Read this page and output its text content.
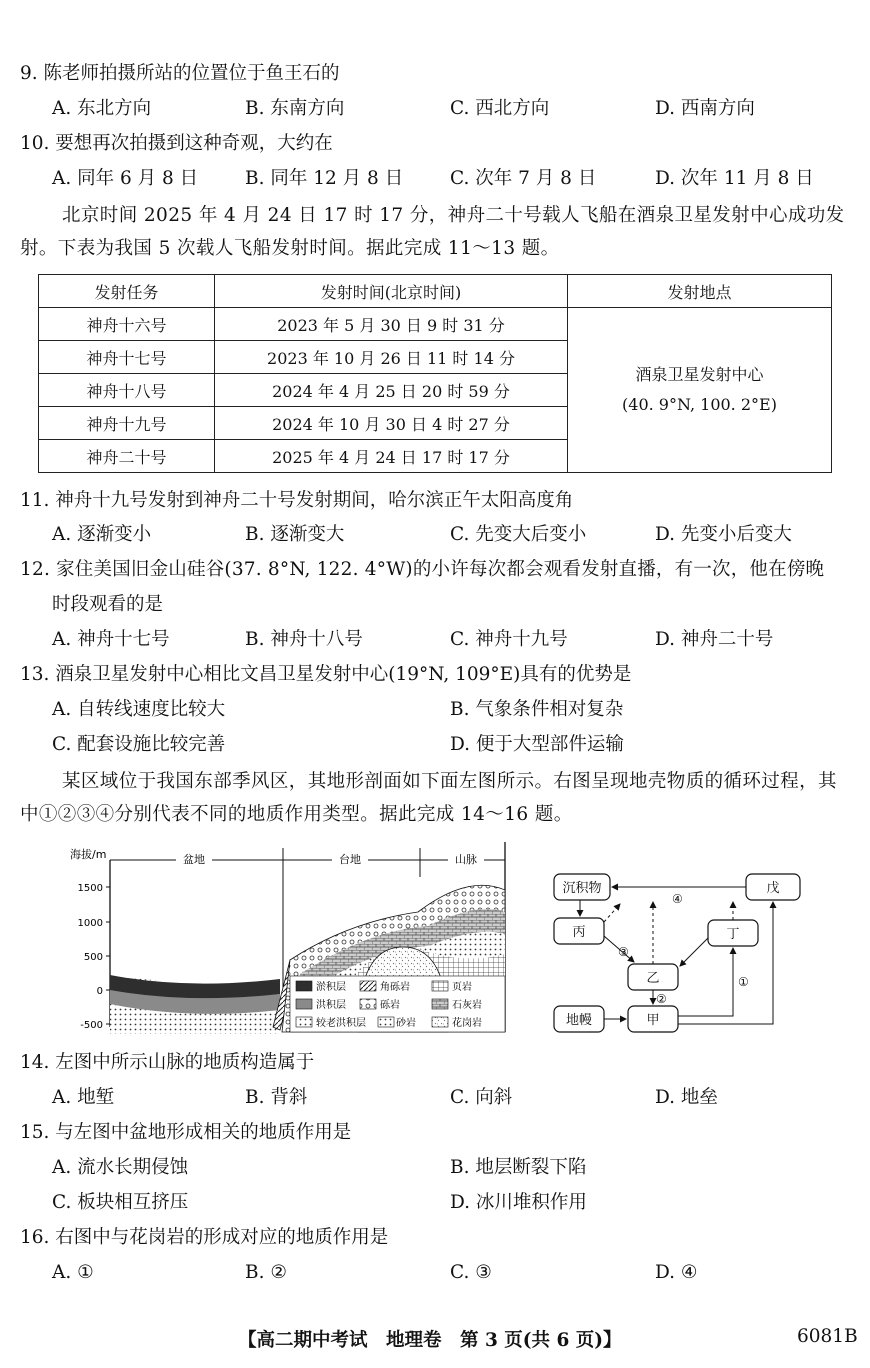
9. 陈老师拍摄所站的位置位于鱼王石的
A. 东北方向	B. 东南方向	C. 西北方向	D. 西南方向
10. 要想再次拍摄到这种奇观，大约在
A. 同年 6 月 8 日	B. 同年 12 月 8 日	C. 次年 7 月 8 日	D. 次年 11 月 8 日
北京时间 2025 年 4 月 24 日 17 时 17 分，神舟二十号载人飞船在酒泉卫星发射中心成功发射。下表为我国 5 次载人飞船发射时间。据此完成 11～13 题。
发射任务	发射时间(北京时间)	发射地点
神舟十六号	2023 年 5 月 30 日 9 时 31 分	酒泉卫星发射中心
(40. 9°N, 100. 2°E)

神舟十七号	2023 年 10 月 26 日 11 时 14 分	
神舟十八号	2024 年 4 月 25 日 20 时 59 分	
神舟十九号	2024 年 10 月 30 日 4 时 27 分	
神舟二十号	2025 年 4 月 24 日 17 时 17 分	
11. 神舟十九号发射到神舟二十号发射期间，哈尔滨正午太阳高度角
A. 逐渐变小	B. 逐渐变大	C. 先变大后变小	D. 先变小后变大
12. 家住美国旧金山硅谷(37. 8°N, 122. 4°W)的小许每次都会观看发射直播，有一次，他在傍晚
时段观看的是
A. 神舟十七号	B. 神舟十八号	C. 神舟十九号	D. 神舟二十号
13. 酒泉卫星发射中心相比文昌卫星发射中心(19°N, 109°E)具有的优势是
A. 自转线速度比较大	B. 气象条件相对复杂
C. 配套设施比较完善	D. 便于大型部件运输
某区域位于我国东部季风区，其地形剖面如下面左图所示。右图呈现地壳物质的循环过程，其中①②③④分别代表不同的地质作用类型。据此完成 14～16 题。
海拔/m
1500
1000
500
0
-500
盆地	台地	山脉
淤积层	角砾岩	页岩
洪积层	砾岩	石灰岩
较老洪积层	砂岩	花岗岩
沉积物
丙
乙
甲
丁
戊
地幔
①
②
③
④
14. 左图中所示山脉的地质构造属于
A. 地堑	B. 背斜	C. 向斜	D. 地垒
15. 与左图中盆地形成相关的地质作用是
A. 流水长期侵蚀	B. 地层断裂下陷
C. 板块相互挤压	D. 冰川堆积作用
16. 右图中与花岗岩的形成对应的地质作用是
A. ①	B. ②	C. ③	D. ④
【高二期中考试　地理卷　第 3 页(共 6 页)】	6081B
